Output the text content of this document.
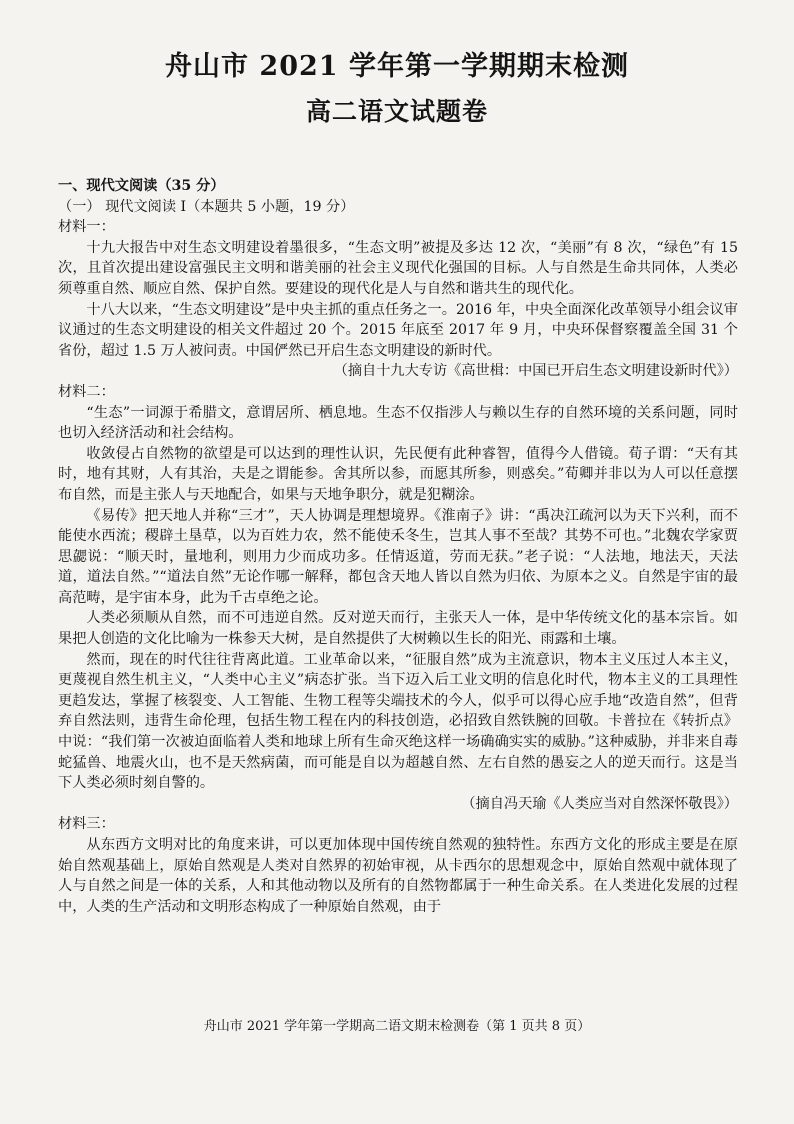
舟山市 2021 学年第一学期期末检测
高二语文试题卷
一、现代文阅读（35 分）
（一） 现代文阅读 I（本题共 5 小题，19 分）
材料一：

十九大报告中对生态文明建设着墨很多，“生态文明”被提及多达 12 次，“美丽”有 8 次，“绿色”有 15 次，且首次提出建设富强民主文明和谐美丽的社会主义现代化强国的目标。人与自然是生命共同体，人类必须尊重自然、顺应自然、保护自然。要建设的现代化是人与自然和谐共生的现代化。

十八大以来，“生态文明建设”是中央主抓的重点任务之一。2016 年，中央全面深化改革领导小组会议审议通过的生态文明建设的相关文件超过 20 个。2015 年底至 2017 年 9 月，中央环保督察覆盖全国 31 个省份，超过 1.5 万人被问责。中国俨然已开启生态文明建设的新时代。

（摘自十九大专访《高世楫：中国已开启生态文明建设新时代》）

材料二：

“生态”一词源于希腊文，意谓居所、栖息地。生态不仅指涉人与赖以生存的自然环境的关系问题，同时也切入经济活动和社会结构。

收敛侵占自然物的欲望是可以达到的理性认识，先民便有此种睿智，值得今人借镜。荀子谓：“天有其时，地有其财，人有其治，夫是之谓能参。舍其所以参，而愿其所参，则惑矣。”荀卿并非以为人可以任意摆布自然，而是主张人与天地配合，如果与天地争职分，就是犯糊涂。

《易传》把天地人并称“三才”，天人协调是理想境界。《淮南子》讲：“禹决江疏河以为天下兴利，而不能使水西流；稷辟土垦草，以为百姓力农，然不能使禾冬生，岂其人事不至哉？其势不可也。”北魏农学家贾思勰说：“顺天时，量地利，则用力少而成功多。任情返道，劳而无获。”老子说：“人法地，地法天，天法道，道法自然。”“道法自然”无论作哪一解释，都包含天地人皆以自然为归依、为原本之义。自然是宇宙的最高范畴，是宇宙本身，此为千古卓绝之论。

人类必须顺从自然，而不可违逆自然。反对逆天而行，主张天人一体，是中华传统文化的基本宗旨。如果把人创造的文化比喻为一株参天大树，是自然提供了大树赖以生长的阳光、雨露和土壤。

然而，现在的时代往往背离此道。工业革命以来，“征服自然”成为主流意识，物本主义压过人本主义，更蔑视自然生机主义，“人类中心主义”病态扩张。当下迈入后工业文明的信息化时代，物本主义的工具理性更趋发达，掌握了核裂变、人工智能、生物工程等尖端技术的今人，似乎可以得心应手地“改造自然”，但背弃自然法则，违背生命伦理，包括生物工程在内的科技创造，必招致自然铁腕的回敬。卡普拉在《转折点》中说：“我们第一次被迫面临着人类和地球上所有生命灭绝这样一场确确实实的威胁。”这种威胁，并非来自毒蛇猛兽、地震火山，也不是天然病菌，而可能是自以为超越自然、左右自然的愚妄之人的逆天而行。这是当下人类必须时刻自警的。

（摘自冯天瑜《人类应当对自然深怀敬畏》）

材料三：

从东西方文明对比的角度来讲，可以更加体现中国传统自然观的独特性。东西方文化的形成主要是在原始自然观基础上，原始自然观是人类对自然界的初始审视，从卡西尔的思想观念中，原始自然观中就体现了人与自然之间是一体的关系，人和其他动物以及所有的自然物都属于一种生命关系。在人类进化发展的过程中，人类的生产活动和文明形态构成了一种原始自然观，由于

舟山市 2021 学年第一学期高二语文期末检测卷（第 1 页共 8 页）
